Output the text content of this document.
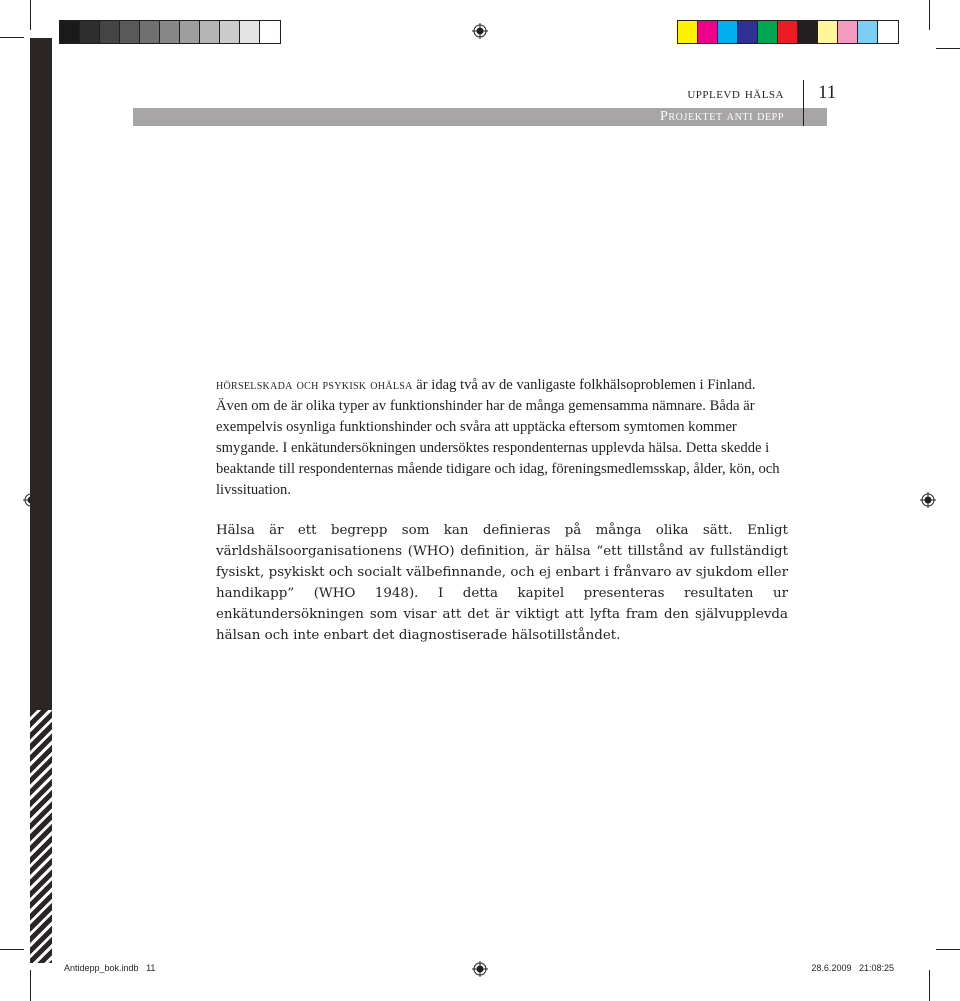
upplevd hälsa
Projektet anti depp
11

hörselskada och psykisk ohälsa är idag två av de vanligaste folkhälsoproblemen i Finland. Även om de är olika typer av funktionshinder har de många gemensamma nämnare. Båda är exempelvis osynliga funktionshinder och svåra att upptäcka eftersom symtomen kommer smygande. I enkätundersökningen undersöktes respondenternas upplevda hälsa. Detta skedde i beaktande till respondenternas mående tidigare och idag, föreningsmedlemsskap, ålder, kön, och livssituation.

Hälsa är ett begrepp som kan definieras på många olika sätt. Enligt världshälsoorganisationens (WHO) definition, är hälsa “ett tillstånd av fullständigt fysiskt, psykiskt och socialt välbefinnande, och ej enbart i frånvaro av sjukdom eller handikapp” (WHO 1948). I detta kapitel presenteras resultaten ur enkätundersökningen som visar att det är viktigt att lyfta fram den självupplevda hälsan och inte enbart det diagnostiserade hälsotillståndet.

Antidepp_bok.indb   11	28.6.2009   21:08:25
